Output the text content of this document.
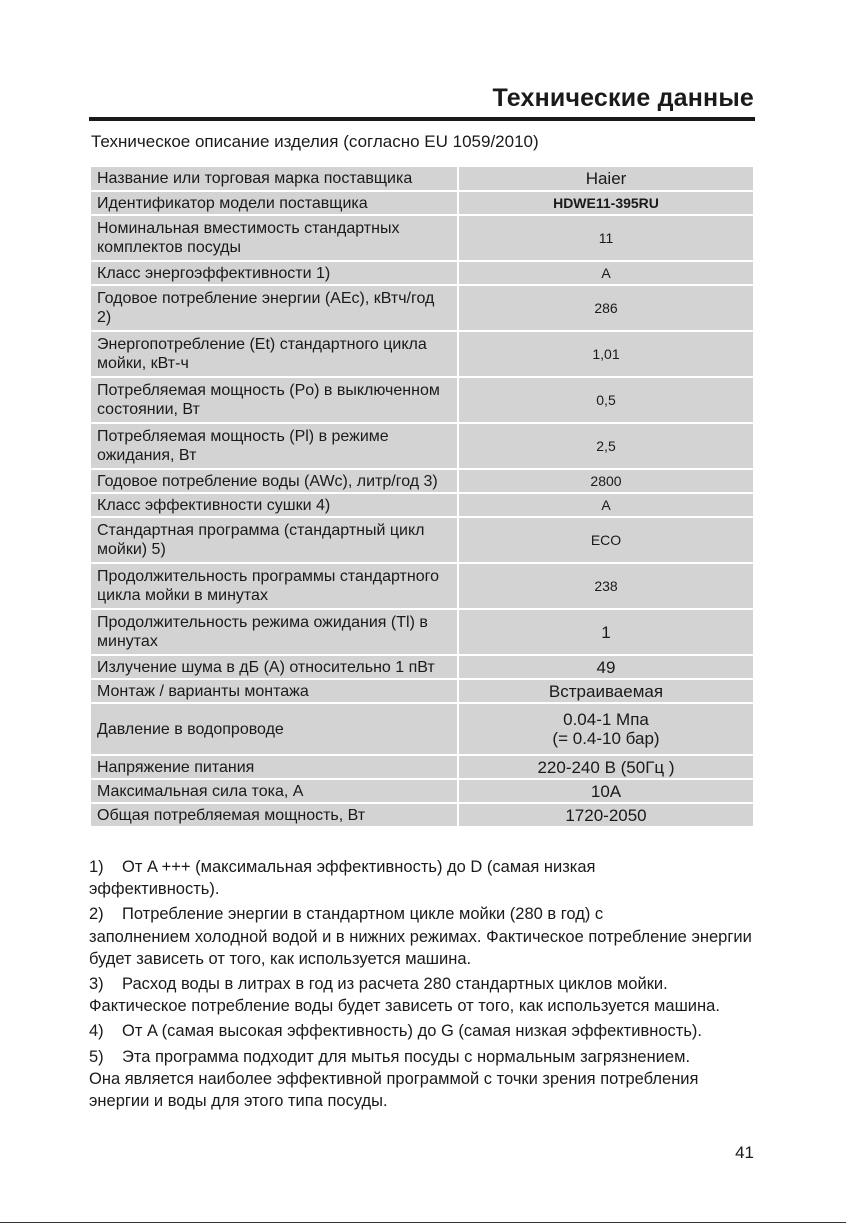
Технические данные
Техническое описание изделия (согласно EU 1059/2010)
Название или торговая марка поставщика	Haier
Идентификатор модели поставщика	HDWE11-395RU
Номинальная вместимость стандартных комплектов посуды	11
Класс энергоэффективности 1)	A
Годовое потребление энергии (AEc), кВтч/год 2)	286
Энергопотребление (Et) стандартного цикла мойки, кВт-ч	1,01
Потребляемая мощность (Po) в выключенном состоянии, Вт	0,5
Потребляемая мощность (Pl) в режиме ожидания, Вт	2,5
Годовое потребление воды (AWc), литр/год 3)	2800
Класс эффективности сушки 4)	A
Стандартная программа (стандартный цикл мойки) 5)	ECO
Продолжительность программы стандартного цикла мойки в минутах	238
Продолжительность режима ожидания (Tl) в минутах	1
Излучение шума в дБ (А) относительно 1 пВт	49
Монтаж / варианты монтажа	Встраиваемая
Давление в водопроводе	0.04-1 Мпа
(= 0.4-10 бар)

Напряжение питания	220-240 В (50Гц )
Максимальная сила тока, А	10A
Общая потребляемая мощность, Вт	1720-2050
1) От A +++ (максимальная эффективность) до D (самая низкая
эффективность).
2) Потребление энергии в стандартном цикле мойки (280 в год) с
заполнением холодной водой и в нижних режимах. Фактическое потребление энергии будет зависеть от того, как используется машина.
3) Расход воды в литрах в год из расчета 280 стандартных циклов мойки.
Фактическое потребление воды будет зависеть от того, как используется машина.
4) От A (самая высокая эффективность) до G (самая низкая эффективность).
5) Эта программа подходит для мытья посуды с нормальным загрязнением.
Она является наиболее эффективной программой с точки зрения потребления энергии и воды для этого типа посуды.
41
